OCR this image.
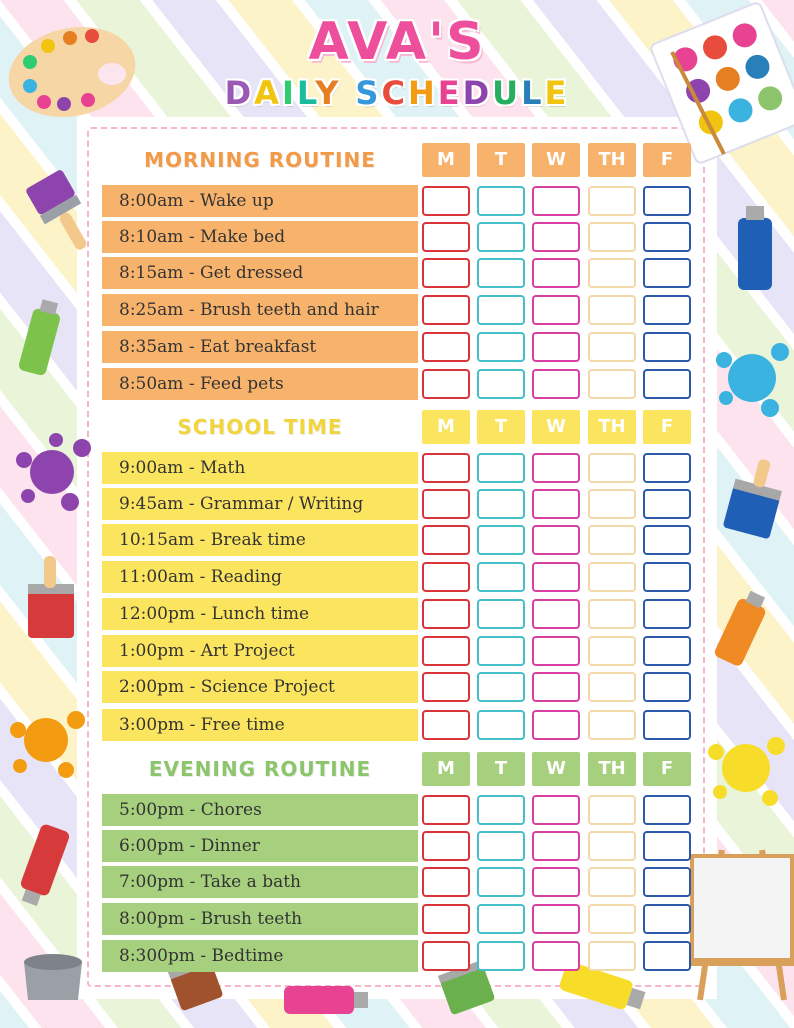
AVA'S
DAILY SCHEDULE
MORNING ROUTINE	M	T	W	TH	F
8:00am - Wake up
8:10am - Make bed
8:15am - Get dressed
8:25am - Brush teeth and hair
8:35am - Eat breakfast
8:50am - Feed pets
SCHOOL TIME	M	T	W	TH	F
9:00am - Math
9:45am - Grammar / Writing
10:15am - Break time
11:00am - Reading
12:00pm - Lunch time
1:00pm - Art Project
2:00pm - Science Project
3:00pm - Free time
EVENING ROUTINE	M	T	W	TH	F
5:00pm - Chores
6:00pm - Dinner
7:00pm - Take a bath
8:00pm - Brush teeth
8:300pm - Bedtime
